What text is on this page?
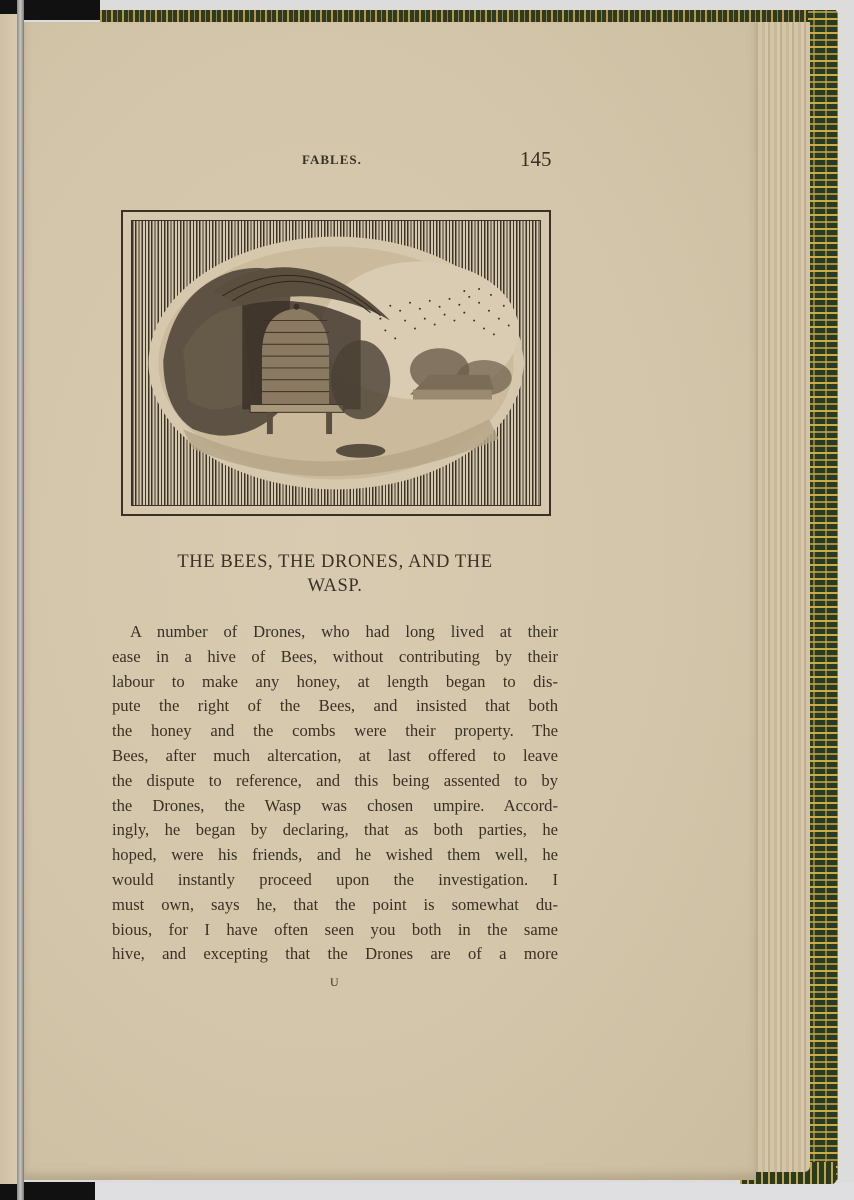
FABLES.	145
THE BEES, THE DRONES, AND THE
WASP.
A number of Drones, who had long lived at their
ease in a hive of Bees, without contributing by their
labour to make any honey, at length began to dis-
pute the right of the Bees, and insisted that both
the honey and the combs were their property. The
Bees, after much altercation, at last offered to leave
the dispute to reference, and this being assented to by
the Drones, the Wasp was chosen umpire. Accord-
ingly, he began by declaring, that as both parties, he
hoped, were his friends, and he wished them well, he
would instantly proceed upon the investigation. I
must own, says he, that the point is somewhat du-
bious, for I have often seen you both in the same
hive, and excepting that the Drones are of a more
U
